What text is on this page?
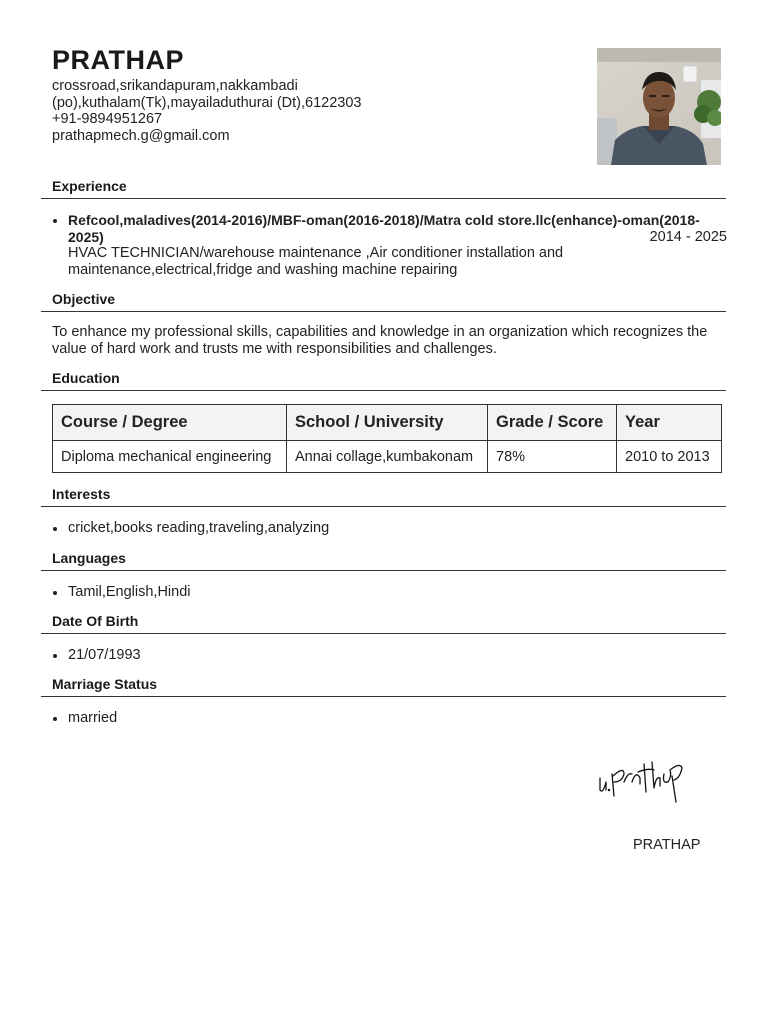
PRATHAP
crossroad,srikandapuram,nakkambadi
(po),kuthalam(Tk),mayailaduthurai (Dt),6122303
+91-9894951267
prathapmech.g@gmail.com
Experience
Refcool,maladives(2014-2016)/MBF-oman(2016-2018)/Matra cold store.llc(enhance)-oman(2018-2025)	2014 - 2025
HVAC TECHNICIAN/warehouse maintenance ,Air conditioner installation and maintenance,electrical,fridge and washing machine repairing
Objective
To enhance my professional skills, capabilities and knowledge in an organization which recognizes the value of hard work and trusts me with responsibilities and challenges.
Education
Course / Degree	School / University	Grade / Score	Year
Diploma mechanical engineering	Annai collage,kumbakonam	78%	2010 to 2013
Interests
cricket,books reading,traveling,analyzing
Languages
Tamil,English,Hindi
Date Of Birth
21/07/1993
Marriage Status
married
PRATHAP
